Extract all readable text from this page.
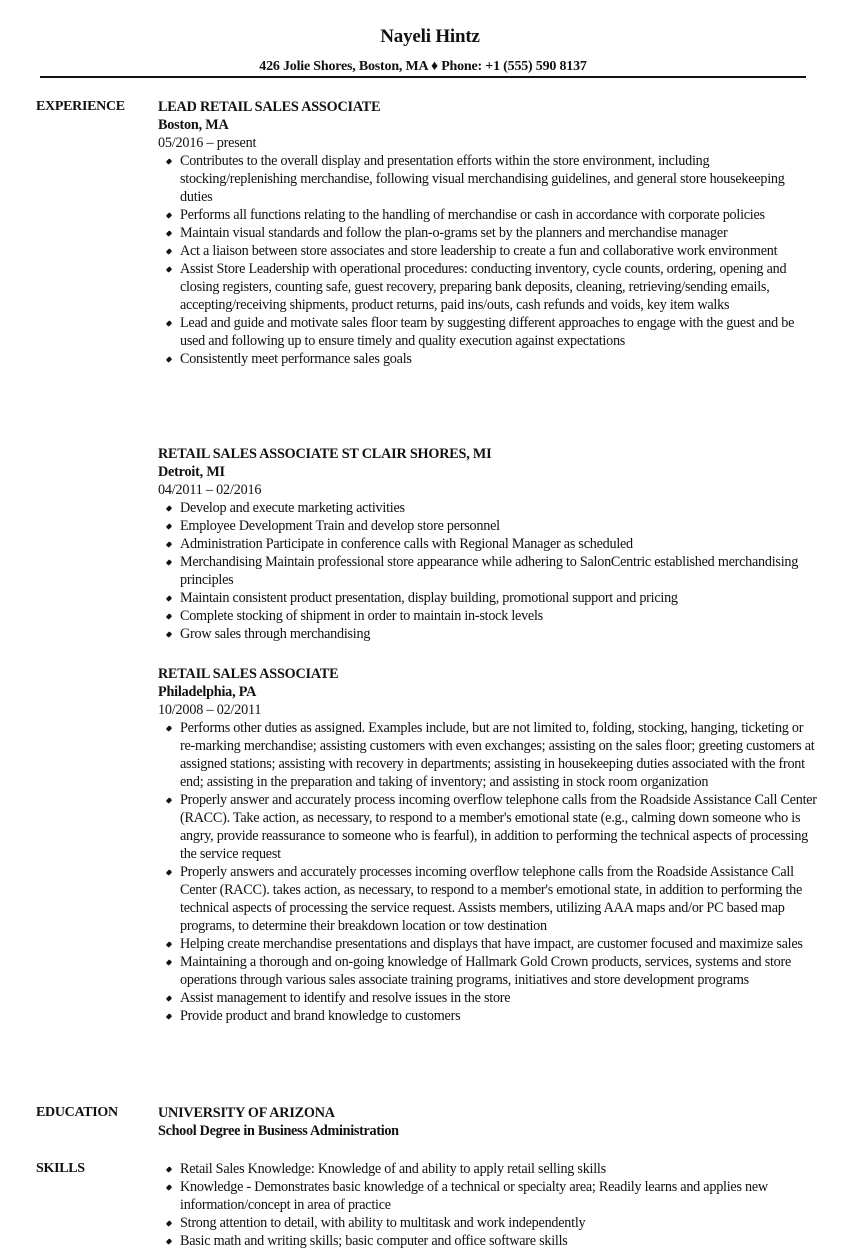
Nayeli Hintz
426 Jolie Shores, Boston, MA ♦ Phone: +1 (555) 590 8137
EXPERIENCE LEAD RETAIL SALES ASSOCIATE
Boston, MA
05/2016 – present
Contributes to the overall display and presentation efforts within the store environment, including stocking/replenishing merchandise, following visual merchandising guidelines, and general store housekeeping duties
Performs all functions relating to the handling of merchandise or cash in accordance with corporate policies
Maintain visual standards and follow the plan-o-grams set by the planners and merchandise manager
Act a liaison between store associates and store leadership to create a fun and collaborative work environment
Assist Store Leadership with operational procedures: conducting inventory, cycle counts, ordering, opening and closing registers, counting safe, guest recovery, preparing bank deposits, cleaning, retrieving/sending emails, accepting/receiving shipments, product returns, paid ins/outs, cash refunds and voids, key item walks
Lead and guide and motivate sales floor team by suggesting different approaches to engage with the guest and be used and following up to ensure timely and quality execution against expectations
Consistently meet performance sales goals
RETAIL SALES ASSOCIATE ST CLAIR SHORES, MI
Detroit, MI
04/2011 – 02/2016
Develop and execute marketing activities
Employee Development Train and develop store personnel
Administration Participate in conference calls with Regional Manager as scheduled
Merchandising Maintain professional store appearance while adhering to SalonCentric established merchandising principles
Maintain consistent product presentation, display building, promotional support and pricing
Complete stocking of shipment in order to maintain in-stock levels
Grow sales through merchandising
RETAIL SALES ASSOCIATE
Philadelphia, PA
10/2008 – 02/2011
Performs other duties as assigned. Examples include, but are not limited to, folding, stocking, hanging, ticketing or re-marking merchandise; assisting customers with even exchanges; assisting on the sales floor; greeting customers at assigned stations; assisting with recovery in departments; assisting in housekeeping duties associated with the front end; assisting in the preparation and taking of inventory; and assisting in stock room organization
Properly answer and accurately process incoming overflow telephone calls from the Roadside Assistance Call Center (RACC). Take action, as necessary, to respond to a member's emotional state (e.g., calming down someone who is angry, provide reassurance to someone who is fearful), in addition to performing the technical aspects of processing the service request
Properly answers and accurately processes incoming overflow telephone calls from the Roadside Assistance Call Center (RACC). takes action, as necessary, to respond to a member's emotional state, in addition to performing the technical aspects of processing the service request. Assists members, utilizing AAA maps and/or PC based map programs, to determine their breakdown location or tow destination
Helping create merchandise presentations and displays that have impact, are customer focused and maximize sales
Maintaining a thorough and on-going knowledge of Hallmark Gold Crown products, services, systems and store operations through various sales associate training programs, initiatives and store development programs
Assist management to identify and resolve issues in the store
Provide product and brand knowledge to customers
EDUCATION	UNIVERSITY OF ARIZONA
School Degree in Business Administration
SKILLS	Retail Sales Knowledge: Knowledge of and ability to apply retail selling skills
Knowledge - Demonstrates basic knowledge of a technical or specialty area; Readily learns and applies new information/concept in area of practice
Strong attention to detail, with ability to multitask and work independently
Basic math and writing skills; basic computer and office software skills
